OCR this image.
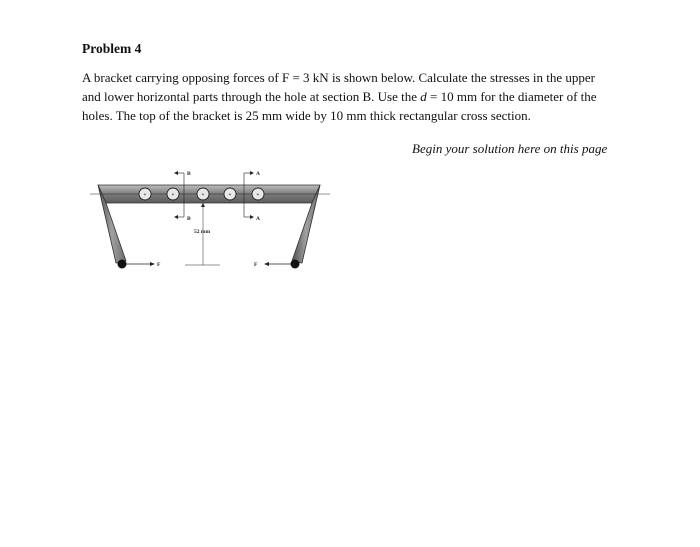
Problem 4
A bracket carrying opposing forces of F = 3 kN is shown below. Calculate the stresses in the upper and lower horizontal parts through the hole at section B. Use the d = 10 mm for the diameter of the holes. The top of the bracket is 25 mm wide by 10 mm thick rectangular cross section.
Begin your solution here on this page
+	+	+	+	+
B
B
A
A
52 mm
F	F
